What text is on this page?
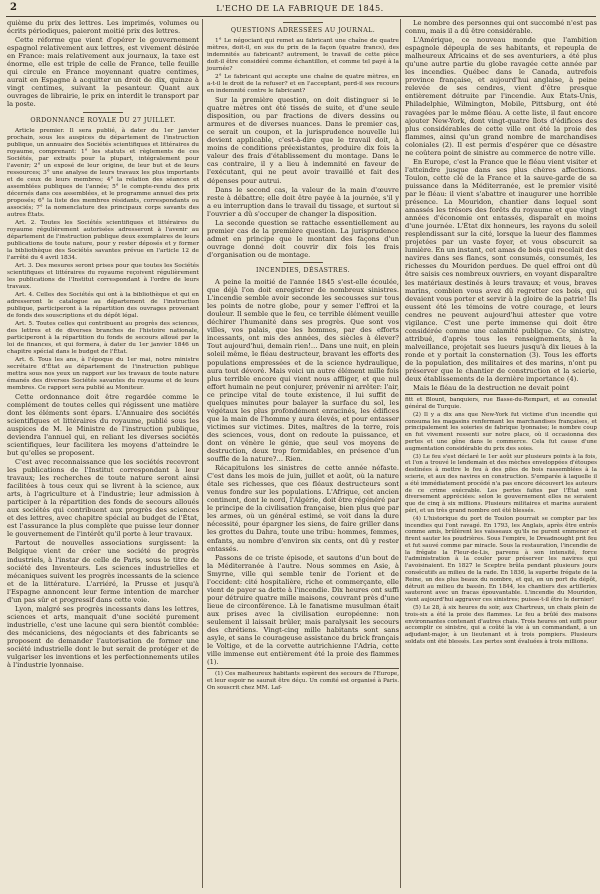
2	L'ECHO DE LA FABRIQUE DE 1845.

quième du prix des lettres. Les imprimés, volumes ou écrits périodiques, paieront moitié prix des lettres.

Cette réforme que vient d'opérer le gouvernement espagnol relativement aux lettres, est vivement désirée en France: mais relativement aux journaux, la taxe est énorme, elle est triple de celle de France, telle feuille qui circule en France moyennant quatre centimes, aurait en Espagne à acquitter un droit de dix, quinze à vingt centimes, suivant la pesanteur. Quant aux ouvrages de librairie, le prix en interdit le transport par la poste.

ORDONNANCE ROYALE DU 27 JUILLET.

Article premier. Il sera publié, à dater du 1er janvier prochain, sous les auspices du département de l'instruction publique, un annuaire des Sociétés scientifiques et littéraires du royaume, comprenant: 1° les statuts et règlements de ces Sociétés, par extraits pour la plupart, intégralement pour l'avenir; 2° un exposé de leur origine, de leur but et de leurs ressources; 3° une analyse de leurs travaux les plus importants et de ceux de leurs membres; 4° la relation des séances et assemblées publiques de l'année; 5° le compte-rendu des prix décernés dans ces assemblées, et le programme annuel des prix proposés; 6° la liste des membres résidants, correspondants ou associés; 7° la nomenclature des principaux corps savants des autres États.

Art. 2. Toutes les Sociétés scientifiques et littéraires du royaume régulièrement autorisées adresseront à l'avenir au département de l'instruction publique deux exemplaires de leurs publications de toute nature, pour y rester déposés et y former la bibliothèque des Sociétés savantes prévue en l'article 12 de l'arrêté du 4 avril 1834.

Art. 3. Des mesures seront prises pour que toutes les Sociétés scientifiques et littéraires du royaume reçoivent régulièrement les publications de l'Institut correspondant à l'ordre de leurs travaux.

Art. 4. Celles des Sociétés qui ont à la bibliothèque et qui en adresseront le catalogue au département de l'instruction publique, participeront à la répartition des ouvrages provenant de fonds des souscriptions et du dépôt légal.

Art. 5. Toutes celles qui contribuent au progrès des sciences, des lettres et de diverses branches de l'histoire nationale, participeront à la répartition du fonds de secours alloué par la loi de finances, et qui formera, à dater du 1er janvier 1846 un chapitre spécial dans le budget de l'État.

Art. 6. Tous les ans, à l'époque du 1er mai, notre ministre secrétaire d'État au département de l'instruction publique mettra sous nos yeux un rapport sur les travaux de toute nature émanés des diverses Sociétés savantes du royaume et de leurs membres. Ce rapport sera publié au Moniteur.

Cette ordonnance doit être regardée comme le complément de toutes celles qui régissent une matière dont les éléments sont épars. L'Annuaire des sociétés scientifiques et littéraires du royaume, publié sous les auspices de M. le Ministre de l'instruction publique, deviendra l'annuel qui, en reliant les diverses sociétés scientifiques, leur facilitera les moyens d'atteindre le but qu'elles se proposent.

C'est avec reconnaissance que les sociétés recevront les publications de l'Institut correspondant à leur travaux; les recherches de toute nature seront ainsi facilitées à tous ceux qui se livrent à la science, aux arts, à l'agriculture et à l'industrie; leur admission à participer à la répartition des fonds de secours alloués aux sociétés qui contribuent aux progrès des sciences et des lettres, avec chapitre spécial au budget de l'État, est l'assurance la plus complète que puisse leur donner le gouvernement de l'intérêt qu'il porte à leur travaux.

Partout de nouvelles associations surgissent: la Belgique vient de créer une société de progrès industriels, à l'instar de celle de Paris, sous le titre de société des Inventeurs. Les sciences industrielles et mécaniques suivent les progrès incessants de la science et de la littérature. L'arriéré, la Prusse et jusqu'à l'Espagne annoncent leur ferme intention de marcher d'un pas sûr et progressif dans cette voie.

Lyon, malgré ses progrès incessants dans les lettres, sciences et arts, manquait d'une société purement industrielle, c'est une lacune qui sera bientôt comblée: des mécaniciens, des négociants et des fabricants se proposent de demander l'autorisation de former une société industrielle dont le but serait de protéger et de vulgariser les inventions et les perfectionnements utiles à l'industrie lyonnaise.

QUESTIONS ADRESSÉES AU JOURNAL.

1° Le négociant qui remet au fabricant une chaîne de quatre mètres, doit-il, en sus du prix de la façon (quatre francs), des indemnités au fabricant? autrement, le travail de cette pièce doit-il être considéré comme échantillon, et comme tel payé à la journée?

2° Le fabricant qui accepte une chaîne de quatre mètres, en a-t-il le droit de la refuser? et en l'acceptant, perd-il ses recours en indemnité contre le fabricant?

Sur la première question, on doit distinguer si le quatre mètres ont été tissés de suite, et d'une seule disposition, ou par fractions de divers dessins ou armures et de diverses nuances. Dans le premier cas, ce serait un coupon, et la jurisprudence nouvelle lui devient applicable, c'est-à-dire que le travail doit, à moins de conditions préexistantes, produire dix fois la valeur des frais d'établissement du montage. Dans le cas contraire, il y a lieu à indemnité en faveur de l'exécutant, qui ne peut avoir travaillé et fait des dépenses pour autrui.

Dans le second cas, la valeur de la main d'œuvre reste à débattre; elle doit être payée à la journée, s'il y a eu interruption dans le travail du tissage, et surtout si l'ouvrier a dû s'occuper de changer la disposition.

La seconde question se rattache essentiellement au premier cas de la première question. La jurisprudence admet en principe que le montant des façons d'un ouvrage donné doit couvrir dix fois les frais d'organisation ou de montage.

INCENDIES, DÉSASTRES.

A peine la moitié de l'année 1845 s'est-elle écoulée, que déjà l'on doit enregistrer de nombreux sinistres. L'incendie semble avoir seconde les secousses sur tous les points de notre globe, pour y semer l'effroi et la douleur. Il semble que le feu, ce terrible élément veuille déchirer l'humanité dans ses progrès. Que sont vos villes, vos palais, que les hommes, par des efforts incessants, ont mis des années, des siècles à élever? Tout aujourd'hui, demain rien!… Dans une nuit, en plein soleil même, le fléau destructeur, bravant les efforts des populations empressées et de la science hydraulique, aura tout dévoré. Mais voici un autre élément mille fois plus terrible encore qui vient nous affliger, et que nul effort humain ne peut conjurer, prévenir ni arrêter: l'air, ce principe vital de toute existence, il lui suffit de quelques minutes pour balayer la surface du sol, les végétaux les plus profondément enracinés, les édifices que la main de l'homme y aura élevés, et pour entasser victimes sur victimes. Dites, maîtres de la terre, rois des sciences, vous, dont on redoute la puissance, et dont on vénère le génie, que seul vos moyens de destruction, deux trop formidables, en présence d'un souffle de la nature?… Rien.

Récapitulons les sinistres de cette année néfaste. C'est dans les mois de juin, juillet et août, où la nature étale ses richesses, que ces fléaux destructeurs sont venus fondre sur les populations. L'Afrique, cet ancien continent, dont le nord, l'Algérie, doit être régénéré par le principe de la civilisation française, bien plus que par les armes, où un général estimé, se voit dans la dure nécessité, pour épargner les siens, de faire griller dans les grottes du Dahra, toute une tribu: hommes, femmes, enfants, au nombre d'environ six cents, ont dû y rester entassés.

Passons de ce triste épisode, et sautons d'un bout de la Méditerranée à l'autre. Nous sommes en Asie, à Smyrne, ville qui semble tenir de l'orient et de l'occident: cité hospitalière, riche et commerçante, elle vient de payer sa dette à l'incendie. Dix heures ont suffi pour détruire quatre mille maisons, couvrant près d'une lieue de circonférence. Là le fanatisme musulman était aux prises avec la civilisation européenne: non seulement il laissait brûler, mais paralysait les secours des chrétiens. Vingt-cinq mille habitants sont sans asyle, et sans le courageuse assistance du brick français le Voltige, et de la corvette autrichienne l'Adria, cette ville immense eut entièrement été la proie des flammes (1).

(1) Ces malheureux habitants espèrent des secours de l'Europe, et leur espoir ne saurait être déçu. Un comité est organisé à Paris. On souscrit chez MM. Laf-

Le nombre des personnes qui ont succombé n'est pas connu, mais il a dû être considérable.

L'Amérique, ce nouveau monde que l'ambition espagnole dépeupla de ses habitants, et repeupla de malheureux Africains et de ses aventuriers, a été plus qu'une autre partie du globe ravagée cette année par les incendies. Québec dans le Canada, autrefois province française, et aujourd'hui anglaise, à peine relevée de ses cendres, vient d'être presque entièrement détruite par l'incendie. Aux États-Unis, Philadelphie, Wilmington, Mobile, Pittsburg, ont été ravagées par le même fléau. A cette liste, il faut encore ajouter New-York, dont vingt-quatre îlots d'édifices des plus considérables de cette ville ont été la proie des flammes, ainsi qu'un grand nombre de marchandises coloniales (2). Il est permis d'espérer que ce désastre ne coûtera point de sinistre au commerce de notre ville.

En Europe, c'est la France que le fléau vient visiter et l'atteindre jusque dans ses plus chères affections. Toulon, cette clé de la France et la sauve-garde de sa puissance dans la Méditerranée, est le premier visité par le fléau: il vient s'abattre et inaugurer une horrible présence. La Mouridon, chantier dans lequel sont amassés les trésors des forêts du royaume et que vingt années d'économie ont entassés, disparaît en moins d'une journée. L'État dix honneurs, les rayons du soleil resplendissant sur la cité, lorsque la lueur des flammes projetées par un vaste foyer, et vous obscurcit sa lumière. En un instant, cet amas de bois qui recelait des navires dans ses flancs, sont consumés, consumés, les richesses du Mouridon perdues. De quel effroi ont dû être saisis ces nombreux ouvriers, en voyant disparaître les matériaux destinés à leurs travaux; et vous, braves marins, combien vous avez dû regretter ces bois, qui devaient vous porter et servir à la gloire de la patrie! Ils eussent été les témoins de votre courage, et leurs cendres ne peuvent aujourd'hui attester que votre vigilance. C'est une perte immense qui doit être considérée comme une calamité publique. Ce sinistre, attribué, d'après tous les renseignements, à la malveillance, projetait ses lueurs jusqu'à dix lieues à la ronde et y portait la consternation (3). Tous les efforts de la population, des militaires et des marins, n'ont pu préserver que le chantier de construction et la scierie, deux établissements de la dernière importance (4).

Mais le fléau de la destruction ne devait point

fitt et Blount, banquiers, rue Basse-du-Rempart, et au consulat général de Turquie.

(2) Il y a dix ans que New-York fut victime d'un incendie qui consuma les magasins renfermant les marchandises françaises, et principalement les soieries de fabrique lyonnaise; le nombre coup en fut vivement ressenti sur notre place, où il occasionna des pertes et une gêne dans le commerce. Cela fut cause d'une augmentation considérable du prix des soies.

(3) Le feu s'est déclaré le 1er août sur plusieurs points à la fois, et l'on a trouvé le lendemain et des mèches enveloppées d'étoupes destinées à mettre le feu à des piles de bois rassemblées à la scierie, et aux des navires en construction. S'emparée à laquelle il a été immédiatement procédé n'a pas encore découvert les auteurs de ce crime exécrable. Les pertes faites par l'État sont diversement appréciées: selon le gouvernement elles ne seraient que de cinq à six millions. Plusieurs militaires et marins auraient péri, et un très grand nombre ont été blessés.

(4) L'historique du port de Toulon pourrait se compter par les incendies qui l'ont ravagé. En 1793, les Anglais, après être entrés comme amis, brûlèrent les vaisseaux qu'ils ne purent emmener et firent sauter les poudrières. Sous l'empire, le Dreadnought prit feu et fut sauvé comme par miracle. Sous la restauration, l'incendie de la frégate la Fleur-de-Lis, parvenu à son intensité, force l'administration à la couler pour préserver les navires qui l'avoisinaient. En 1827 le Sceptre brûla pendant plusieurs jours consécutifs au milieu de la rade. En 1836, la superbe frégate de la Reine, un des plus beaux du nombre, et qui, en un port du dépôt, détruit au milieu du bassin. En 1844, les chantiers des artilleries sauteront avec un fracas épouvantable. L'incendie du Mouridon, vient aujourd'hui aggraver ces sinistres; puisse-t-il être le dernier!

(5) Le 28, à six heures du soir, aux Chartreux, un chaix plein de trois-six a été la proie des flammes. Le feu a brûlé des maisons environnantes contenant d'autres chais. Trois heures ont suffi pour accomplir ce sinistre, qui a coûté la vie à un commandant, à un adjudant-major, à un lieutenant et à trois pompiers. Plusieurs soldats ont été blessés. Les pertes sont évaluées à trois millions.
